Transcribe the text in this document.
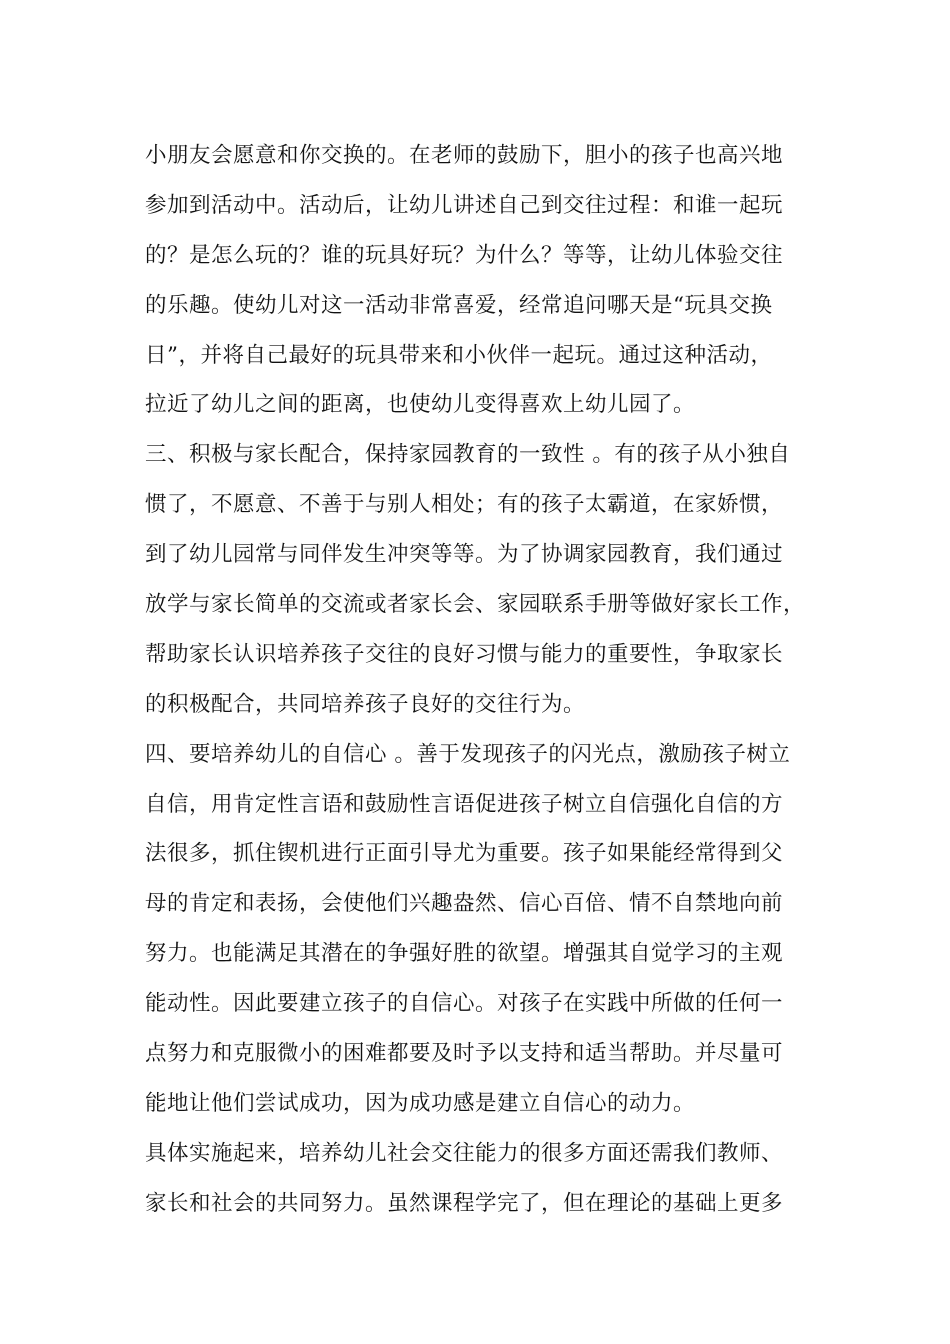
小朋友会愿意和你交换的。在老师的鼓励下，胆小的孩子也高兴地
参加到活动中。活动后，让幼儿讲述自己到交往过程：和谁一起玩
的？是怎么玩的？谁的玩具好玩？为什么？等等，让幼儿体验交往
的乐趣。使幼儿对这一活动非常喜爱，经常追问哪天是“玩具交换
日”，并将自己最好的玩具带来和小伙伴一起玩。通过这种活动，
拉近了幼儿之间的距离，也使幼儿变得喜欢上幼儿园了。
三、积极与家长配合，保持家园教育的一致性 。有的孩子从小独自
惯了，不愿意、不善于与别人相处；有的孩子太霸道，在家娇惯，
到了幼儿园常与同伴发生冲突等等。为了协调家园教育，我们通过
放学与家长简单的交流或者家长会、家园联系手册等做好家长工作，
帮助家长认识培养孩子交往的良好习惯与能力的重要性，争取家长
的积极配合，共同培养孩子良好的交往行为。
四、要培养幼儿的自信心 。善于发现孩子的闪光点，激励孩子树立
自信，用肯定性言语和鼓励性言语促进孩子树立自信强化自信的方
法很多，抓住锲机进行正面引导尤为重要。孩子如果能经常得到父
母的肯定和表扬，会使他们兴趣盎然、信心百倍、情不自禁地向前
努力。也能满足其潜在的争强好胜的欲望。增强其自觉学习的主观
能动性。因此要建立孩子的自信心。对孩子在实践中所做的任何一
点努力和克服微小的困难都要及时予以支持和适当帮助。并尽量可
能地让他们尝试成功，因为成功感是建立自信心的动力。
具体实施起来，培养幼儿社会交往能力的很多方面还需我们教师、
家长和社会的共同努力。虽然课程学完了，但在理论的基础上更多
